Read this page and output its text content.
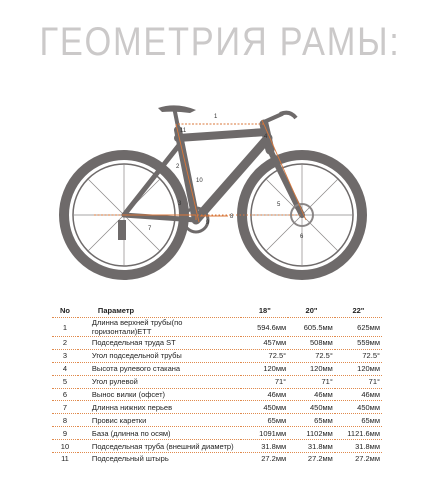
ГЕОМЕТРИЯ РАМЫ:
1
2
3
4
5
6
7
8
9
10
11
No	Параметр	18"	20"	22"
1	Длинна верхней трубы(по горизонтали)ЕТТ	594.6мм	605.5мм	625мм
2	Подседельная труда ST	457мм	508мм	559мм
3	Угол подседельной трубы	72.5°	72.5°	72.5°
4	Высота рулевого стакана	120мм	120мм	120мм
5	Угол рулевой	71°	71°	71°
6	Вынос вилки (офсет)	46мм	46мм	46мм
7	Длинна нижних перьев	450мм	450мм	450мм
8	Провис каретки	65мм	65мм	65мм
9	База (длинна по осям)	1091мм	1102мм	1121.6мм
10	Подседельная труба (внешний диаметр)	31.8мм	31.8мм	31.8мм
11	Подседельный штырь	27.2мм	27.2мм	27.2мм
